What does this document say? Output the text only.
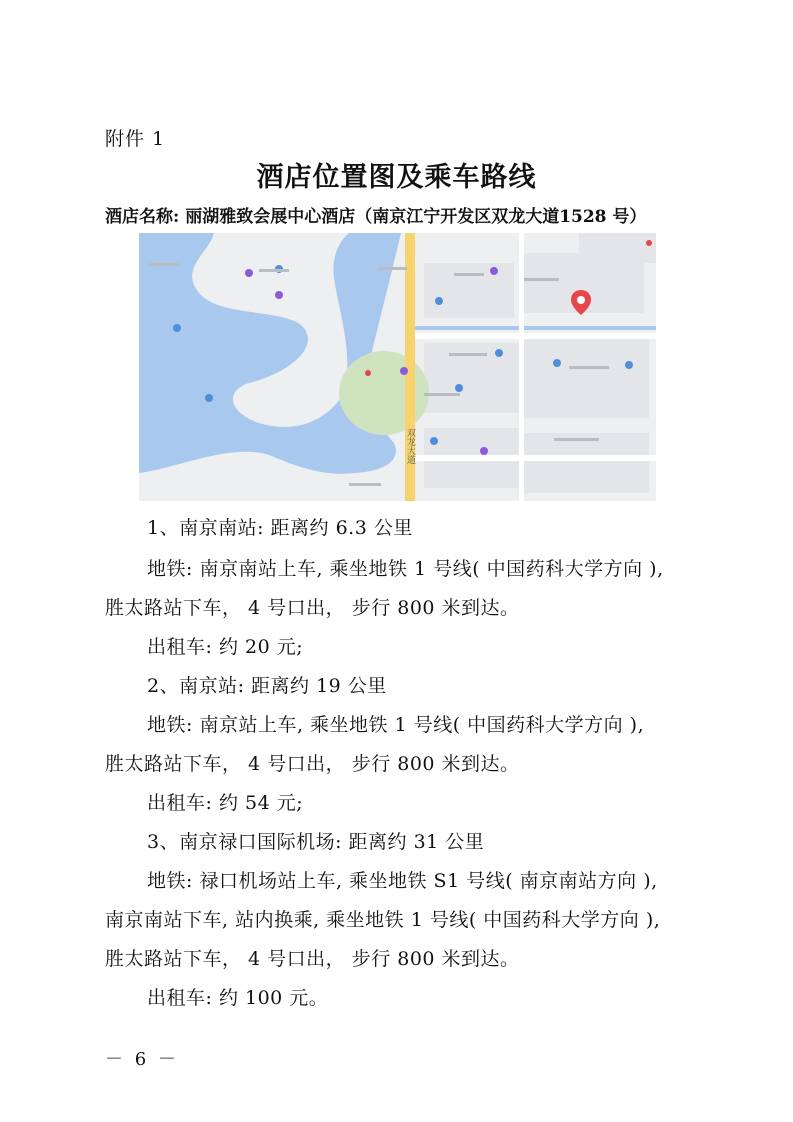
附件 1
酒店位置图及乘车路线
酒店名称: 丽湖雅致会展中心酒店（南京江宁开发区双龙大道1528 号）
双龙大道
1、南京南站: 距离约 6.3 公里
地铁: 南京南站上车, 乘坐地铁 1 号线( 中国药科大学方向 ),
胜太路站下车， 4 号口出， 步行 800 米到达。
出租车: 约 20 元;
2、南京站: 距离约 19 公里
地铁: 南京站上车, 乘坐地铁 1 号线( 中国药科大学方向 ),
胜太路站下车， 4 号口出， 步行 800 米到达。
出租车: 约 54 元;
3、南京禄口国际机场: 距离约 31 公里
地铁: 禄口机场站上车, 乘坐地铁 S1 号线( 南京南站方向 ),
南京南站下车, 站内换乘, 乘坐地铁 1 号线( 中国药科大学方向 ),
胜太路站下车， 4 号口出， 步行 800 米到达。
出租车: 约 100 元。
－ 6 －
